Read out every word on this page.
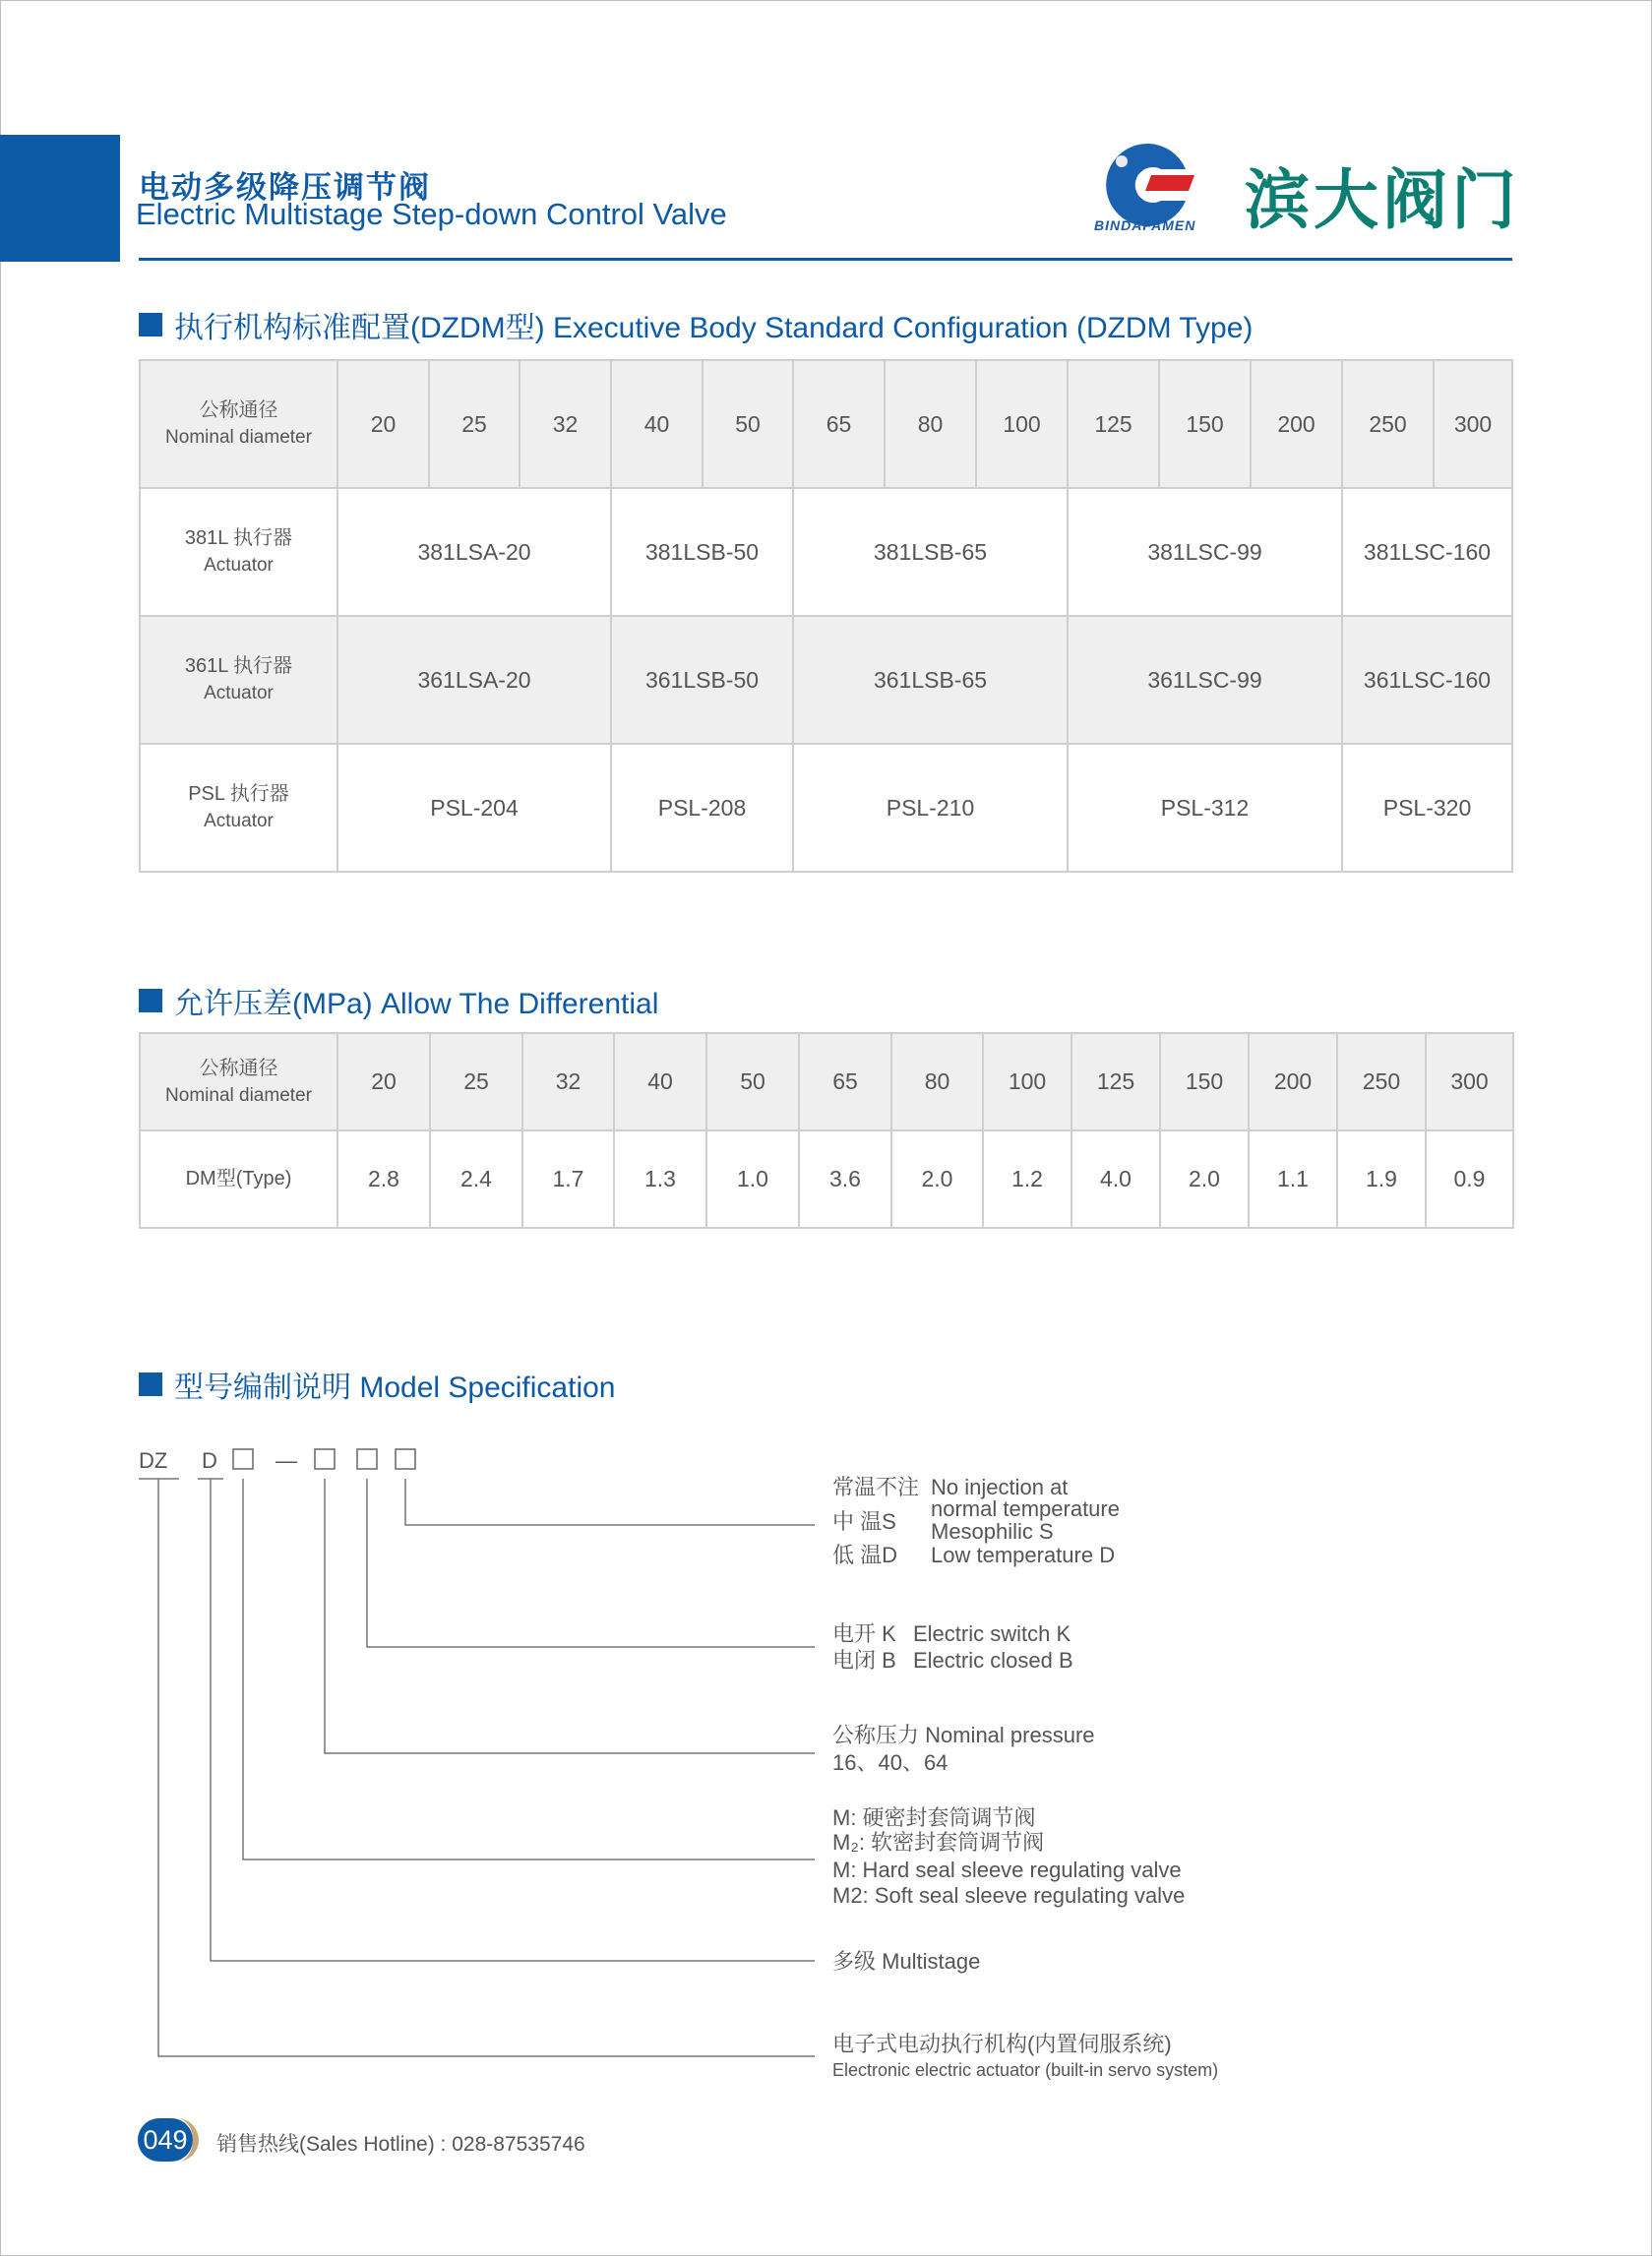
电动多级降压调节阀
Electric Multistage Step-down Control Valve	BINDAFAMEN 滨大阀门
执行机构标准配置(DZDM型) Executive Body Standard Configuration (DZDM Type)
公称通径
Nominal diameter	20	25	32	40	50	65	80	100	125	150	200	250	300

381L 执行器
Actuator	381LSA-20			381LSB-50		381LSB-65			381LSC-99			381LSC-160	

361L 执行器
Actuator	361LSA-20			361LSB-50		361LSB-65			361LSC-99			361LSC-160	

PSL 执行器
Actuator	PSL-204			PSL-208		PSL-210			PSL-312			PSL-320	
允许压差(MPa) Allow The Differential
公称通径
Nominal diameter	20	25	32	40	50	65	80	100	125	150	200	250	300
DM型(Type)	2.8	2.4	1.7	1.3	1.0	3.6	2.0	1.2	4.0	2.0	1.1	1.9	0.9
型号编制说明 Model Specification
DZ D	—
常温不注 No injection at
normal temperature
中 温S Mesophilic S
低 温D Low temperature D
电开 K Electric switch K
电闭 B Electric closed B
公称压力 Nominal pressure
16、40、64
M: 硬密封套筒调节阀
M₂: 软密封套筒调节阀
M: Hard seal sleeve regulating valve
M2: Soft seal sleeve regulating valve
多级 Multistage
电子式电动执行机构(内置伺服系统)
Electronic electric actuator (built-in servo system)
049 销售热线(Sales Hotline) : 028-87535746
